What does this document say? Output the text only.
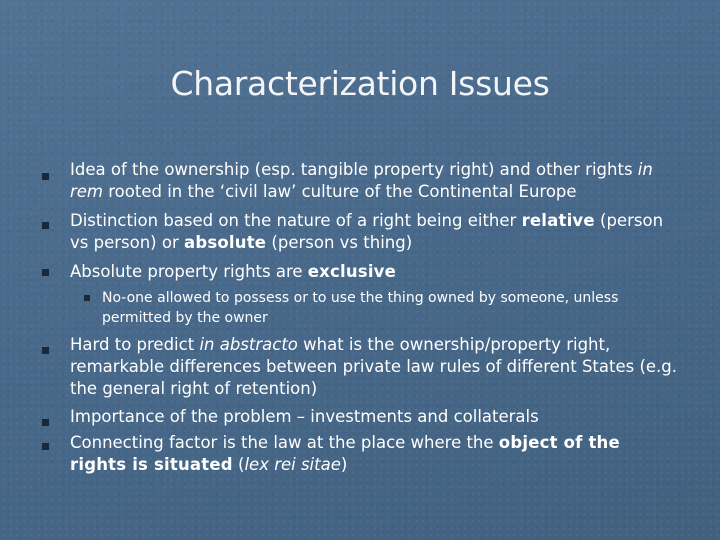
Characterization Issues
Idea of the ownership (esp. tangible property right) and other rights in rem rooted in the ‘civil law’ culture of the Continental Europe
Distinction based on the nature of a right being either relative (person vs person) or absolute (person vs thing)
Absolute property rights are exclusive
No-one allowed to possess or to use the thing owned by someone, unless permitted by the owner
Hard to predict in abstracto what is the ownership/property right, remarkable differences between private law rules of different States (e.g. the general right of retention)
Importance of the problem – investments and collaterals
Connecting factor is the law at the place where the object of the rights is situated (lex rei sitae)
